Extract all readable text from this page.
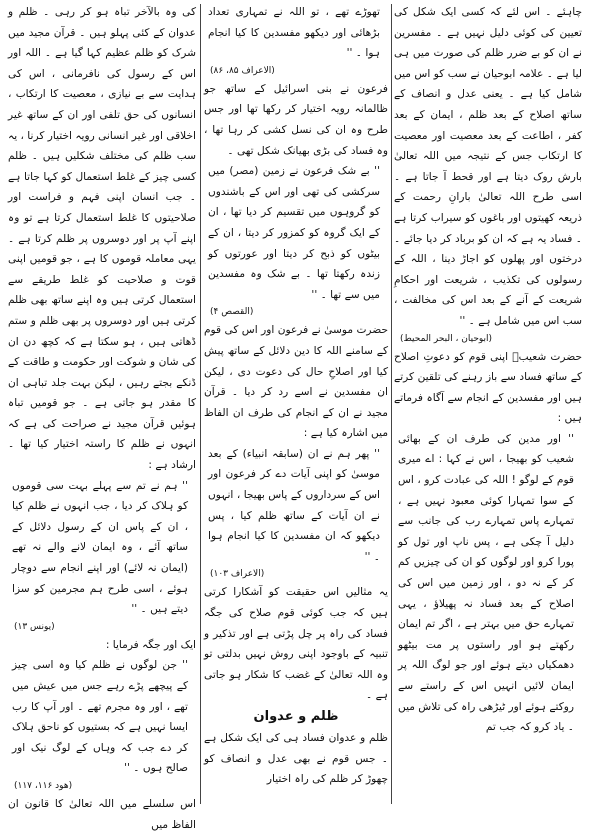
چاہئے ۔ اس لئے کہ کسی ایک شکل کی تعیین کی کوئی دلیل نہیں ہے ۔ مفسرین نے ان کو بے ضرر ظلم کی صورت میں ہی لیا ہے ۔ علامہ ابوحیان نے سب کو اس میں شامل کیا ہے ۔ یعنی عدل و انصاف کے ساتھ اصلاح کے بعد ظلم ، ایمان کے بعد کفر ، اطاعت کے بعد معصیت اور معصیت کا ارتکاب جس کے نتیجہ میں اللہ تعالیٰ بارش روک دیتا ہے اور قحط آ جاتا ہے ۔ اسی طرح اللہ تعالیٰ بارانِ رحمت کے ذریعہ کھیتوں اور باغوں کو سیراب کرتا ہے ۔ فساد یہ ہے کہ ان کو برباد کر دیا جائے ۔ درختوں اور پھلوں کو اجاڑ دینا ، اللہ کے رسولوں کی تکذیب ، شریعت اور احکامِ شریعت کے آنے کے بعد اس کی مخالفت ، سب اس میں شامل ہے ۔ ''

(ابوحیان ، البحر المحیط)

حضرت شعیبؑ اپنی قوم کو دعوتِ اصلاح کے ساتھ فساد سے باز رہنے کی تلقین کرتے ہیں اور مفسدین کے انجام سے آگاہ فرماتے ہیں :

'' اور مدین کی طرف ان کے بھائی شعیب کو بھیجا ، اس نے کہا : اے میری قوم کے لوگو ! اللہ کی عبادت کرو ، اس کے سوا تمہارا کوئی معبود نہیں ہے ، تمہارے پاس تمہارے رب کی جانب سے دلیل آ چکی ہے ، پس ناپ اور تول کو پورا کرو اور لوگوں کو ان کی چیزیں کم کر کے نہ دو ، اور زمین میں اس کی اصلاح کے بعد فساد نہ پھیلاؤ ، یہی تمہارے حق میں بہتر ہے ، اگر تم ایمان رکھتے ہو اور راستوں پر مت بیٹھو دھمکیاں دیتے ہوئے اور جو لوگ اللہ پر ایمان لائیں انہیں اس کے راستے سے روکتے ہوئے اور ٹیڑھی راہ کی تلاش میں ۔ یاد کرو کہ جب تم

تھوڑے تھے ، تو اللہ نے تمہاری تعداد بڑھائی اور دیکھو مفسدین کا کیا انجام ہوا ۔ ''

(الاعراف ۸۵، ۸۶)

فرعون نے بنی اسرائیل کے ساتھ جو ظالمانہ رویہ اختیار کر رکھا تھا اور جس طرح وہ ان کی نسل کشی کر رہا تھا ، وہ فساد کی بڑی بھیانک شکل تھی ۔

'' بے شک فرعون نے زمین (مصر) میں سرکشی کی تھی اور اس کے باشندوں کو گروہوں میں تقسیم کر دیا تھا ، ان کے ایک گروہ کو کمزور کر دیتا ، ان کے بیٹوں کو ذبح کر دیتا اور عورتوں کو زندہ رکھتا تھا ۔ بے شک وہ مفسدین میں سے تھا ۔ ''

(القصص ۴)

حضرت موسیٰ نے فرعون اور اس کی قوم کے سامنے اللہ کا دین دلائل کے ساتھ پیش کیا اور اصلاحِ حال کی دعوت دی ، لیکن ان مفسدین نے اسے رد کر دیا ۔ قرآن مجید نے ان کے انجام کی طرف ان الفاظ میں اشارہ کیا ہے :

'' پھر ہم نے ان (سابقہ انبیاء) کے بعد موسیٰ کو اپنی آیات دے کر فرعون اور اس کے سرداروں کے پاس بھیجا ، انہوں نے ان آیات کے ساتھ ظلم کیا ، پس دیکھو کہ ان مفسدین کا کیا انجام ہوا ۔ ''

(الاعراف ۱۰۳)

یہ مثالیں اس حقیقت کو آشکارا کرتی ہیں کہ جب کوئی قوم صلاح کی جگہ فساد کی راہ پر چل پڑتی ہے اور تذکیر و تنبیہ کے باوجود اپنی روش نہیں بدلتی تو وہ اللہ تعالیٰ کے غضب کا شکار ہو جاتی ہے ۔

ظلم و عدوان

ظلم و عدوان فساد ہی کی ایک شکل ہے ۔ جس قوم نے بھی عدل و انصاف کو چھوڑ کر ظلم کی راہ اختیار

کی وہ بالآخر تباہ ہو کر رہی ۔ ظلم و عدوان کے کئی پہلو ہیں ۔ قرآن مجید میں شرک کو ظلم عظیم کہا گیا ہے ۔ اللہ اور اس کے رسول کی نافرمانی ، اس کی ہدایت سے بے نیازی ، معصیت کا ارتکاب ، انسانوں کی حق تلفی اور ان کے ساتھ غیر اخلاقی اور غیر انسانی رویہ اختیار کرنا ، یہ سب ظلم کی مختلف شکلیں ہیں ۔ ظلم کسی چیز کے غلط استعمال کو کہا جاتا ہے ۔ جب انسان اپنی فہم و فراست اور صلاحیتوں کا غلط استعمال کرتا ہے تو وہ اپنے آپ پر اور دوسروں پر ظلم کرتا ہے ۔ یہی معاملہ قوموں کا ہے ، جو قومیں اپنی قوت و صلاحیت کو غلط طریقے سے استعمال کرتی ہیں وہ اپنے ساتھ بھی ظلم کرتی ہیں اور دوسروں پر بھی ظلم و ستم ڈھاتی ہیں ، ہو سکتا ہے کہ کچھ دن ان کی شان و شوکت اور حکومت و طاقت کے ڈنکے بجتے رہیں ، لیکن بہت جلد تباہی ان کا مقدر ہو جاتی ہے ۔ جو قومیں تباہ ہوئیں قرآن مجید نے صراحت کی ہے کہ انہوں نے ظلم کا راستہ اختیار کیا تھا ۔ ارشاد ہے :

'' ہم نے تم سے پہلے بہت سی قوموں کو ہلاک کر دیا ، جب انہوں نے ظلم کیا ، ان کے پاس ان کے رسول دلائل کے ساتھ آئے ، وہ ایمان لانے والے نہ تھے (ایمان نہ لائے) اور اپنے انجام سے دوچار ہوئے ، اسی طرح ہم مجرمین کو سزا دیتے ہیں ۔ ''

(یونس ۱۳)

ایک اور جگہ فرمایا :

'' جن لوگوں نے ظلم کیا وہ اسی چیز کے پیچھے پڑے رہے جس میں عیش میں تھے ، اور وہ مجرم تھے ۔ اور آپ کا رب ایسا نہیں ہے کہ بستیوں کو ناحق ہلاک کر دے جب کہ وہاں کے لوگ نیک اور صالح ہوں ۔ ''

(ھود ۱۱۶، ۱۱۷)

اس سلسلے میں اللہ تعالیٰ کا قانون ان الفاظ میں
